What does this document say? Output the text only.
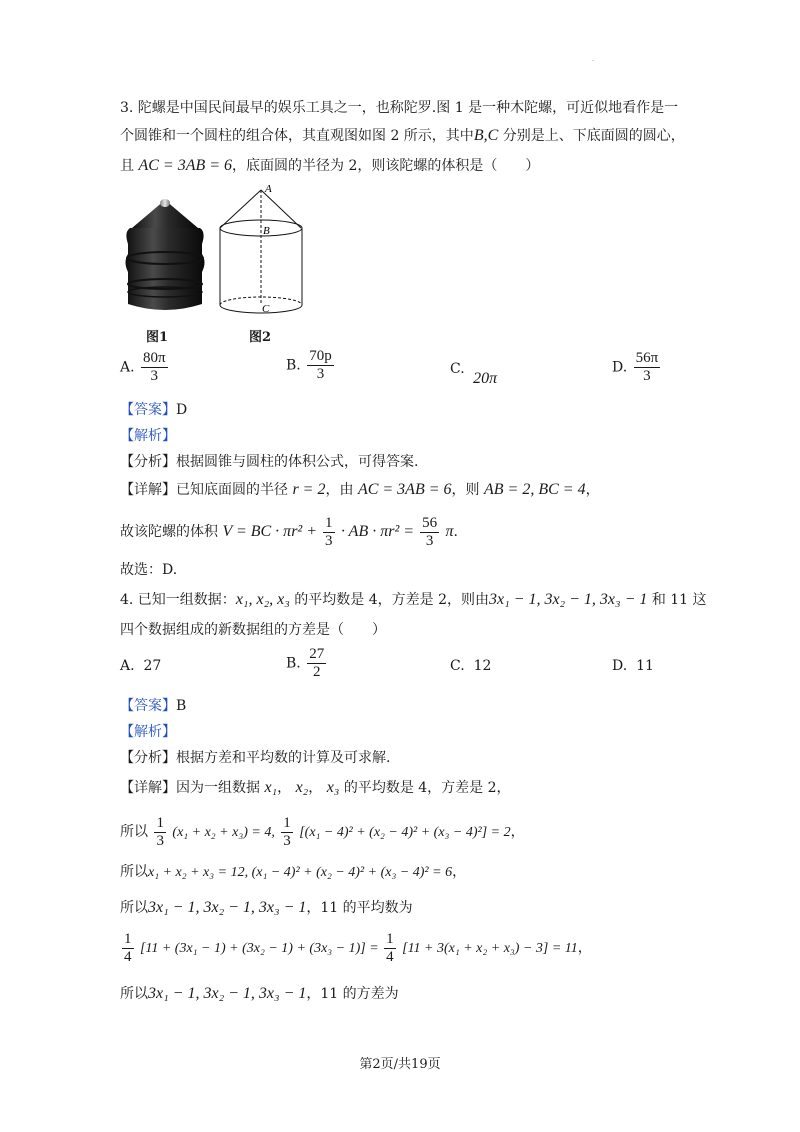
·
3. 陀螺是中国民间最早的娱乐工具之一，也称陀罗.图 1 是一种木陀螺，可近似地看作是一
个圆锥和一个圆柱的组合体，其直观图如图 2 所示，其中B,C 分别是上、下底面圆的圆心，
且 AC = 3AB = 6，底面圆的半径为 2，则该陀螺的体积是（　　）
A
B
C
图1	图2
A. $\frac{80\pi}{3}$	B. $\frac{70p}{3}$	C. 20π
D. $\frac{56\pi}{3}$
【答案】D
【解析】
【分析】根据圆锥与圆柱的体积公式，可得答案.
【详解】已知底面圆的半径 r = 2，由 AC = 3AB = 6，则 AB = 2, BC = 4，
故该陀螺的体积 V = BC · $\pi r^2 + \frac{1}{3}$ · AB · $\pi r^2 = \frac{56}{3} \pi$.
故选：D.
4. 已知一组数据：x₁, x₂, x₃ 的平均数是 4，方差是 2，则由3x₁ − 1, 3x₂ − 1, 3x₃ − 1 和 11 这
四个数据组成的新数据组的方差是（　　）
A. 27	B. $\frac{27}{2}$	C. 12	D. 11
【答案】B
【解析】
【分析】根据方差和平均数的计算及可求解.
【详解】因为一组数据 x₁， x₂， x₃ 的平均数是 4，方差是 2，
所以 $\frac{1}{3} (x_1 + x_2 + x_3) = 4$, $\frac{1}{3} [(x_1 - 4)^2 + (x_2 - 4)^2 + (x_3 - 4)^2] = 2$，
所以x₁ + x₂ + x₃ = 12, (x₁ − 4)² + (x₂ − 4)² + (x₃ − 4)² = 6，
所以3x₁ − 1, 3x₂ − 1, 3x₃ − 1，11 的平均数为
$\frac{1}{4} [11 + (3x_1 - 1) + (3x_2 - 1) + (3x_3 - 1)] = \frac{1}{4} [11 + 3(x_1 + x_2 + x_3) - 3] = 11$，
所以3x₁ − 1, 3x₂ − 1, 3x₃ − 1，11 的方差为
第2页/共19页
